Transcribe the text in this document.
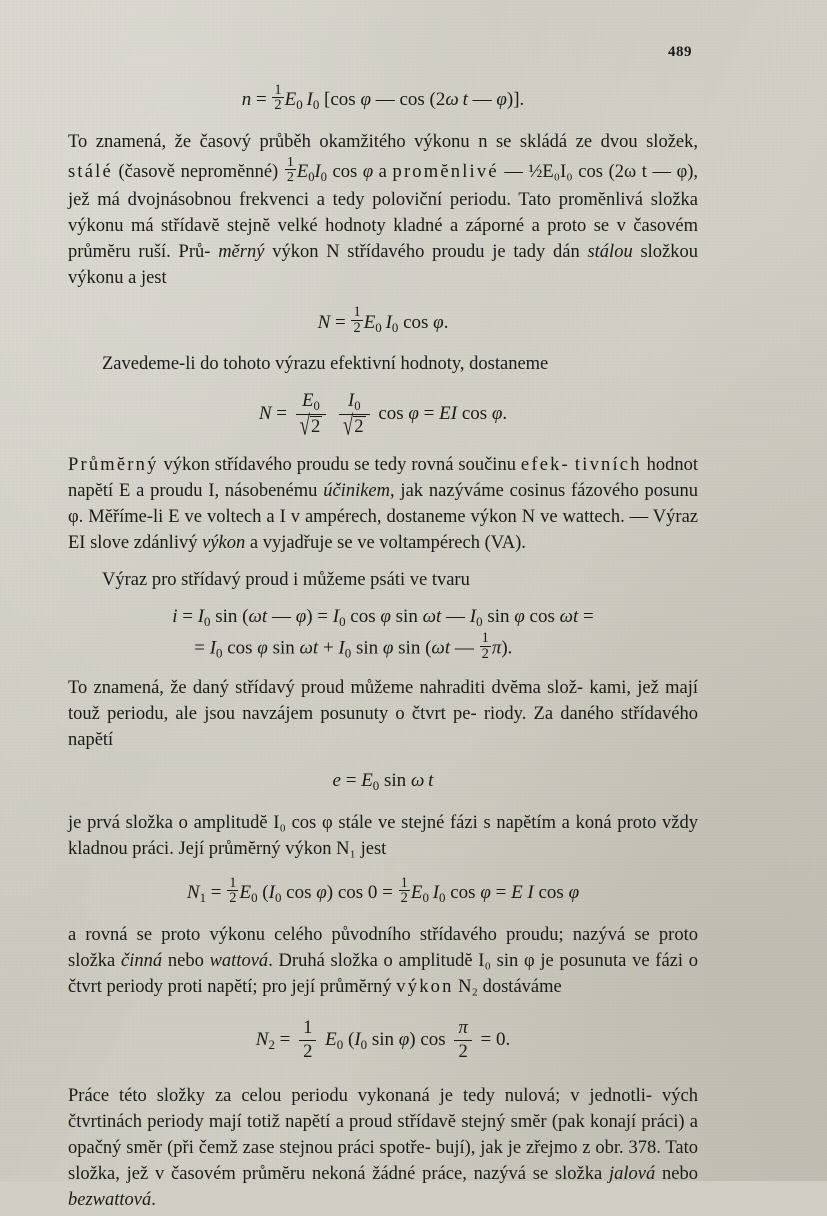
489
$n = \frac{1}{2} E_0$  $I_0$ [cos φ — cos (2ω  t — φ)].

To znamená, že časový průběh okamžitého výkonu n se skládá ze dvou složek, stálé (časově nepromĕnné) $\frac{1}{2} E_0I_0$ cos φ a promĕnlivé — ½E₀I₀ cos (2ω t — φ), jež má dvojnásobnou frekvenci a tedy poloviční periodu. Tato promĕnlivá složka výkonu má střídavĕ stejnĕ velké hodnoty kladné a záporné a proto se v časovém průmĕru ruší. Prů- mĕrný výkon N střídavého proudu je tady dán stálou složkou výkonu a jest

$N = \frac{1}{2} E_0$  $I_0$ cos φ.

Zavedeme-li do tohoto výrazu efektivní hodnoty, dostaneme

$N = \frac{E_0}{√2}$
$\frac{I_0}{√2}$ cos φ = EI cos φ.

Průmĕrný výkon střídavého proudu se tedy rovná součinu efek- tivních hodnot napĕtí E a proudu I, násobenému účinikem, jak nazýváme cosinus fázového posunu φ. Mĕříme-li E ve voltech a I v ampérech, dostaneme výkon N ve wattech. — Výraz EI slove zdánlivý výkon a vyjadřuje se ve voltampérech (VA).

Výraz pro střídavý proud i můžeme psáti ve tvaru

$i = I_0$ sin (ωt — $\varphi) = I_0$ cos φ sin ωt — $I_0$ sin φ cos ωt =
= $I_0$ cos φ $\sin \omega t + I_0$ sin φ sin (ωt — $\frac{1}{2} \pi$).

To znamená, že daný střídavý proud můžeme nahraditi dvĕma slož- kami, jež mají touž periodu, ale jsou navzájem posunuty o čtvrt pe- riody. Za daného střídavého napĕtí

$e = E_0$ sin ω  t

je prvá složka o amplitudĕ I₀ cos φ stále ve stejné fázi s napĕtím a koná proto vždy kladnou práci. Její průmĕrný výkon N₁ jest

$N_1 = \frac{1}{2} E_0$ ($I_0$ cos φ) $\cos 0 = \frac{1}{2} E_0$  $I_0$ cos φ = E I cos φ

a rovná se proto výkonu celého původního střídavého proudu; nazývá se proto složka činná nebo wattová. Druhá složka o amplitudĕ I₀ sin φ je posunuta ve fázi o čtvrt periody proti napĕtí; pro její průmĕrný výkon N₂ dostáváme

$N_2 = \frac{1}{2} E_0$ ($I_0$ sin φ) $\cos \frac{\pi}{2} = 0$.

Práce této složky za celou periodu vykonaná je tedy nulová; v jednotli- vých čtvrtinách periody mají totiž napĕtí a proud střídavĕ stejný smĕr (pak konají práci) a opačný smĕr (při čemž zase stejnou práci spotře- bují), jak je zřejmo z obr. 378. Tato složka, jež v časovém průmĕru nekoná žádné práce, nazývá se složka jalová nebo bezwattová.
